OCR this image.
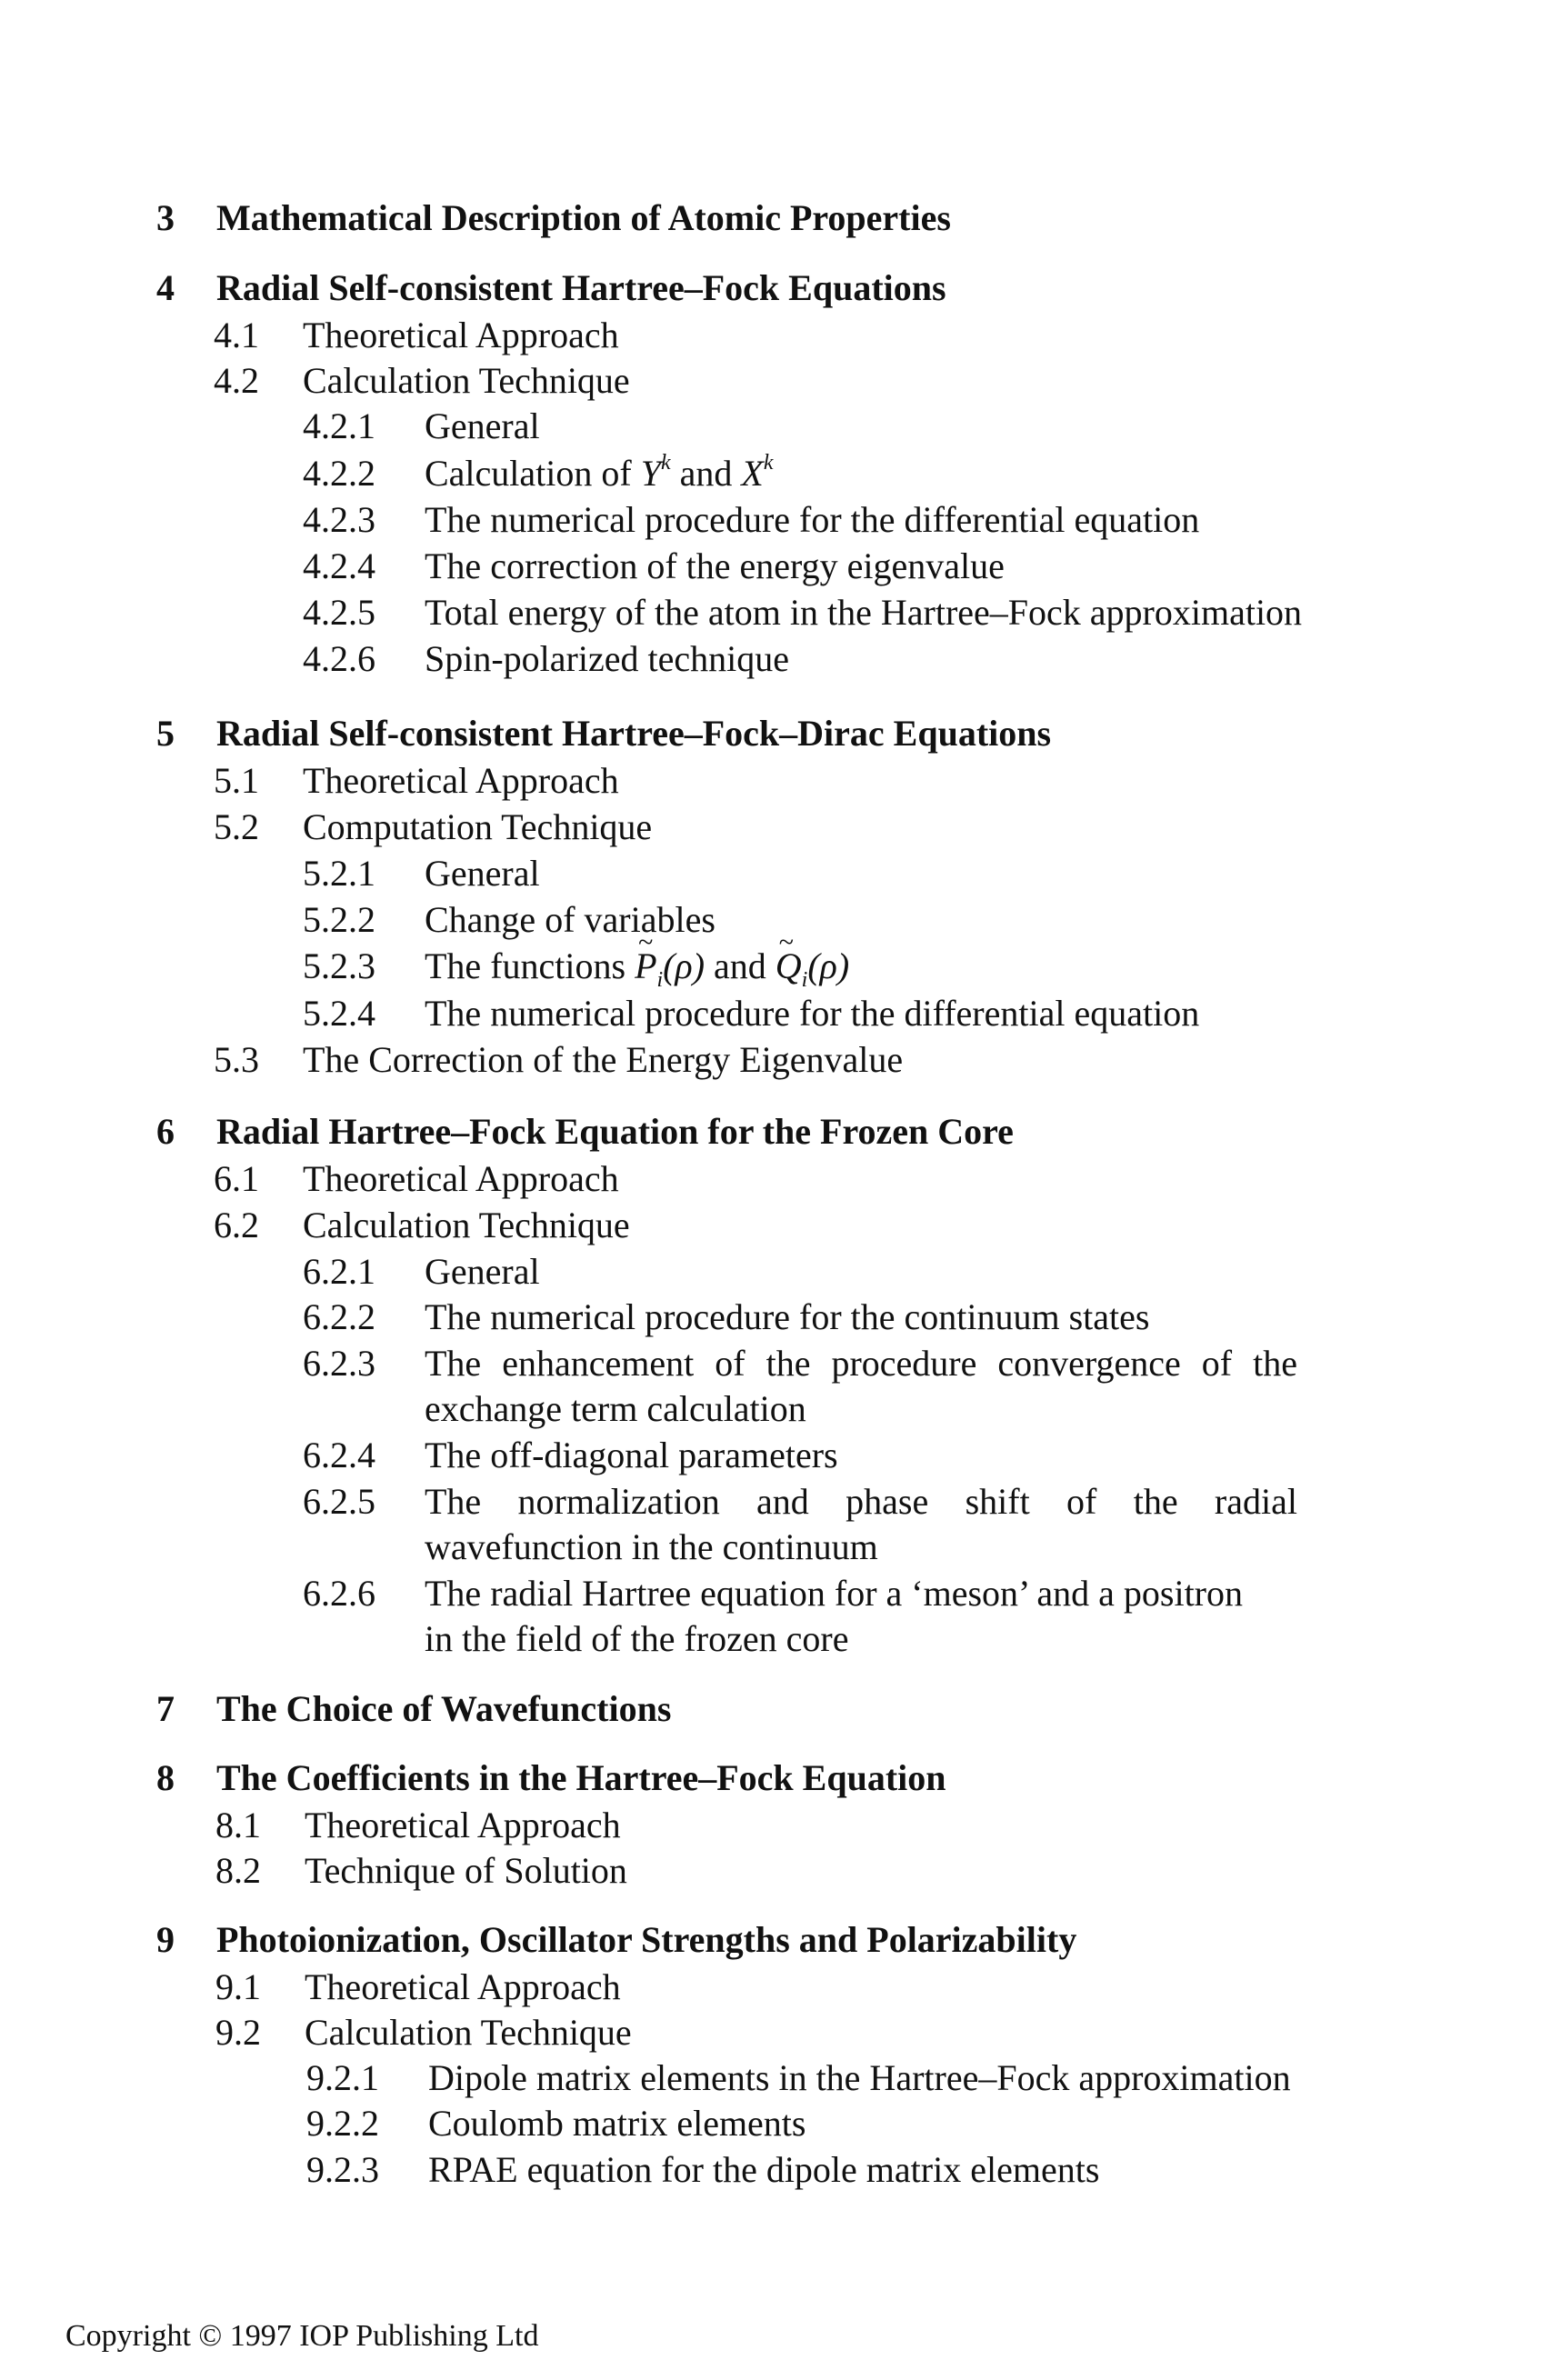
3 Mathematical Description of Atomic Properties
4 Radial Self-consistent Hartree–Fock Equations
4.1 Theoretical Approach
4.2 Calculation Technique
4.2.1 General
4.2.2 Calculation of $Y^k$ and $X^k$
4.2.3 The numerical procedure for the differential equation
4.2.4 The correction of the energy eigenvalue
4.2.5 Total energy of the atom in the Hartree–Fock approximation
4.2.6 Spin-polarized technique
5 Radial Self-consistent Hartree–Fock–Dirac Equations
5.1 Theoretical Approach
5.2 Computation Technique
5.2.1 General
5.2.2 Change of variables
5.2.3 The functions ~ $P_i(\rho)$ and ~ $Q_i(\rho)$
5.2.4 The numerical procedure for the differential equation
5.3 The Correction of the Energy Eigenvalue
6 Radial Hartree–Fock Equation for the Frozen Core
6.1 Theoretical Approach
6.2 Calculation Technique
6.2.1 General
6.2.2 The numerical procedure for the continuum states
6.2.3 The enhancement of the procedure convergence of the
exchange term calculation
6.2.4 The off-diagonal parameters
6.2.5 The normalization and phase shift of the radial
wavefunction in the continuum
6.2.6 The radial Hartree equation for a ‘meson’ and a positron
in the field of the frozen core
7 The Choice of Wavefunctions
8 The Coefficients in the Hartree–Fock Equation
8.1 Theoretical Approach
8.2 Technique of Solution
9 Photoionization, Oscillator Strengths and Polarizability
9.1 Theoretical Approach
9.2 Calculation Technique
9.2.1 Dipole matrix elements in the Hartree–Fock approximation
9.2.2 Coulomb matrix elements
9.2.3 RPAE equation for the dipole matrix elements
Copyright © 1997 IOP Publishing Ltd
